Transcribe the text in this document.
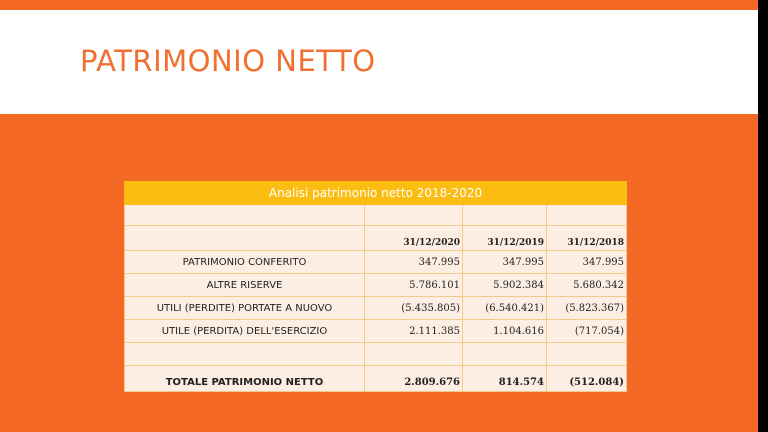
PATRIMONIO NETTO
Analisi patrimonio netto 2018-2020			

	31/12/2020	31/12/2019	31/12/2018
PATRIMONIO CONFERITO	347.995	347.995	347.995
ALTRE RISERVE	5.786.101	5.902.384	5.680.342
UTILI (PERDITE) PORTATE A NUOVO	(5.435.805)	(6.540.421)	(5.823.367)
UTILE (PERDITA) DELL'ESERCIZIO	2.111.385	1.104.616	(717.054)

TOTALE PATRIMONIO NETTO	2.809.676	814.574	(512.084)
